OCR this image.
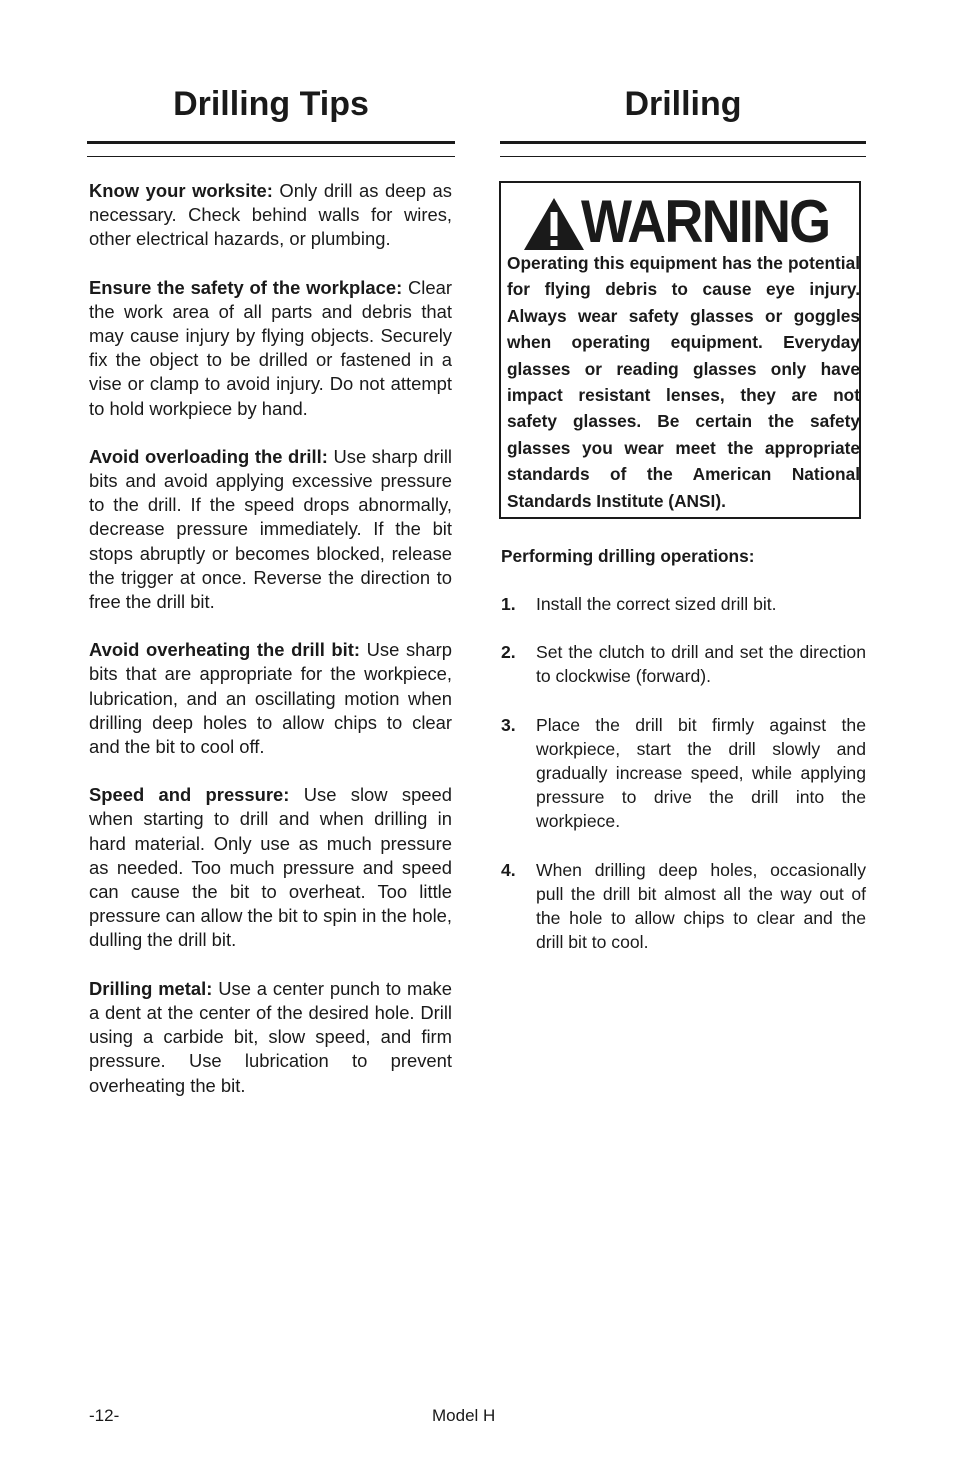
Drilling Tips	Drilling

Know your worksite: Only drill as deep as necessary. Check behind walls for wires, other electrical hazards, or plumbing.

Ensure the safety of the workplace: Clear the work area of all parts and debris that may cause injury by flying objects. Securely fix the object to be drilled or fastened in a vise or clamp to avoid injury. Do not attempt to hold workpiece by hand.

Avoid overloading the drill: Use sharp drill bits and avoid applying excessive pressure to the drill. If the speed drops abnormally, decrease pressure immediately. If the bit stops abruptly or becomes blocked, release the trigger at once. Reverse the direction to free the drill bit.

Avoid overheating the drill bit: Use sharp bits that are appropriate for the workpiece, lubrication, and an oscillating motion when drilling deep holes to allow chips to clear and the bit to cool off.

Speed and pressure: Use slow speed when starting to drill and when drilling in hard material. Only use as much pressure as needed. Too much pressure and speed can cause the bit to overheat. Too little pressure can allow the bit to spin in the hole, dulling the drill bit.

Drilling metal: Use a center punch to make a dent at the center of the desired hole. Drill using a carbide bit, slow speed, and firm pressure. Use lubrication to prevent overheating the bit.

WARNING

Operating this equipment has the potential for flying debris to cause eye injury. Always wear safety glasses or goggles when operating equipment. Everyday glasses or reading glasses only have impact resistant lenses, they are not safety glasses. Be certain the safety glasses you wear meet the appropriate standards of the American National Standards Institute (ANSI).

Performing drilling operations:

1. Install the correct sized drill bit.
2. Set the clutch to drill and set the direction to clockwise (forward).
3. Place the drill bit firmly against the workpiece, start the drill slowly and gradually increase speed, while applying pressure to drive the drill into the workpiece.
4. When drilling deep holes, occasionally pull the drill bit almost all the way out of the hole to allow chips to clear and the drill bit to cool.
-12-	Model H
